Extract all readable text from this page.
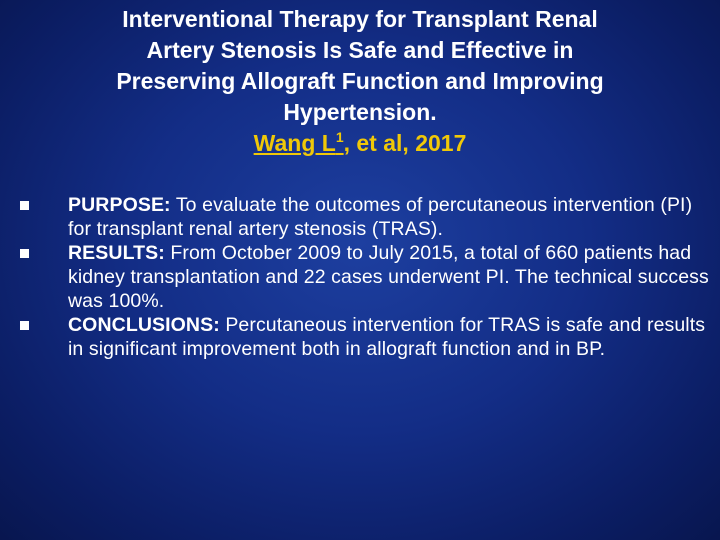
Interventional Therapy for Transplant Renal
Artery Stenosis Is Safe and Effective in
Preserving Allograft Function and Improving
Hypertension.
Wang $L^1$, et al, 2017
PURPOSE: To evaluate the outcomes of percutaneous intervention (PI) for transplant renal artery stenosis (TRAS).
RESULTS: From October 2009 to July 2015, a total of 660 patients had kidney transplantation and 22 cases underwent PI. The technical success was 100%.
CONCLUSIONS: Percutaneous intervention for TRAS is safe and results in significant improvement both in allograft function and in BP.
